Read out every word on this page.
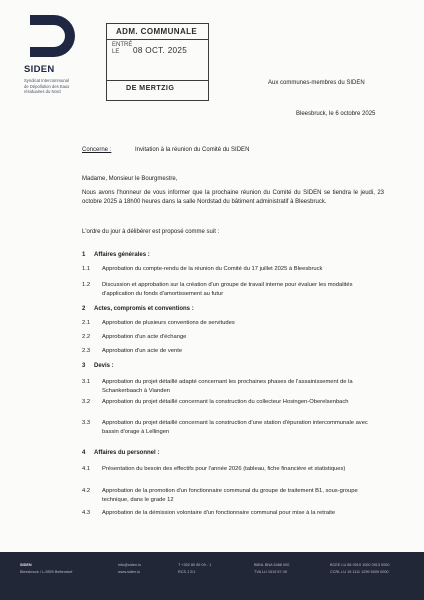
SIDEN
Syndicat Intercommunal
de Dépollution des Eaux
résiduaires du Nord
ADM. COMMUNALE
ENTRÉ
LE	08 OCT. 2025
DE MERTZIG	Aux communes-membres du SIDEN
Bleesbruck, le 6 octobre 2025
Concerne :	Invitation à la réunion du Comité du SIDEN
Madame, Monsieur le Bourgmestre,
Nous avons l'honneur de vous informer que la prochaine réunion du Comité du SIDEN se tiendra le jeudi, 23 octobre 2025 à 18h00 heures dans la salle Nordstad du bâtiment administratif à Bleesbruck.
L'ordre du jour à délibérer est proposé comme suit :
1 Affaires générales :
1.1 Approbation du compte-rendu de la réunion du Comité du 17 juillet 2025 à Bleesbruck
1.2 Discussion et approbation sur la création d'un groupe de travail interne pour évaluer les modalités d'application du fonds d'amortissement au futur
2 Actes, compromis et conventions :
2.1 Approbation de plusieurs conventions de servitudes
2.2 Approbation d'un acte d'échange
2.3 Approbation d'un acte de vente
3 Devis :
3.1 Approbation du projet détaillé adapté concernant les prochaines phases de l'assainissement de la Schankerbaach à Vianden
3.2 Approbation du projet détaillé concernant la construction du collecteur Hosingen-Oberelsenbach
3.3 Approbation du projet détaillé concernant la construction d'une station d'épuration intercommunale avec bassin d'orage à Lellingen
4 Affaires du personnel :
4.1 Présentation du besoin des effectifs pour l'année 2026 (tableau, fiche financière et statistiques)
4.2 Approbation de la promotion d'un fonctionnaire communal du groupe de traitement B1, sous-groupe technique, dans le grade 12
4.3 Approbation de la démission volontaire d'un fonctionnaire communal pour mise à la retraite
SIDEN
Bleesbruck / L-9359 Bettendorf
info@siden.lu
www.siden.lu
T +352 80 89 09 - 1
RCS J 2/1
BBNL BNA 5488 000
TVA LU 1519 57 49
BCEE LU 86 0019 1000 0913 0000
CCRL LU 19 1111 1299 5009 0000
